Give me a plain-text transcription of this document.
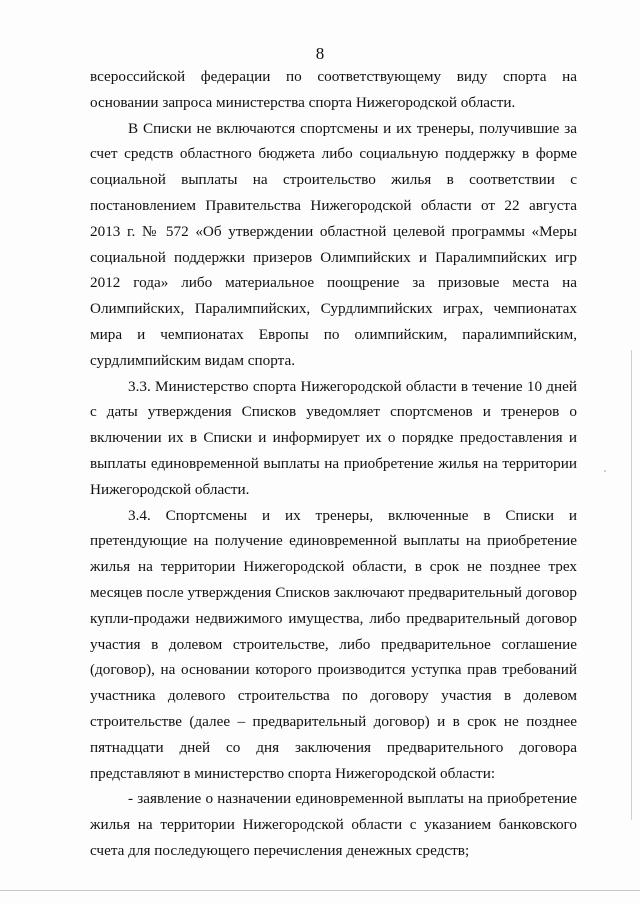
8

всероссийской федерации по соответствующему виду спорта на основании запроса министерства спорта Нижегородской области.

В Списки не включаются спортсмены и их тренеры, получившие за счет средств областного бюджета либо социальную поддержку в форме социальной выплаты на строительство жилья в соответствии с постановлением Правительства Нижегородской области от 22 августа 2013 г. № 572 «Об утверждении областной целевой программы «Меры социальной поддержки призеров Олимпийских и Паралимпийских игр 2012 года» либо материальное поощрение за призовые места на Олимпийских, Паралимпийских, Сурдлимпийских играх, чемпионатах мира и чемпионатах Европы по олимпийским, паралимпийским, сурдлимпийским видам спорта.

3.3. Министерство спорта Нижегородской области в течение 10 дней с даты утверждения Списков уведомляет спортсменов и тренеров о включении их в Списки и информирует их о порядке предоставления и выплаты единовременной выплаты на приобретение жилья на территории Нижегородской области.

3.4. Спортсмены и их тренеры, включенные в Списки и претендующие на получение единовременной выплаты на приобретение жилья на территории Нижегородской области, в срок не позднее трех месяцев после утверждения Списков заключают предварительный договор купли-продажи недвижимого имущества, либо предварительный договор участия в долевом строительстве, либо предварительное соглашение (договор), на основании которого производится уступка прав требований участника долевого строительства по договору участия в долевом строительстве (далее – предварительный договор) и в срок не позднее пятнадцати дней со дня заключения предварительного договора представляют в министерство спорта Нижегородской области:

- заявление о назначении единовременной выплаты на приобретение жилья на территории Нижегородской области с указанием банковского счета для последующего перечисления денежных средств;
